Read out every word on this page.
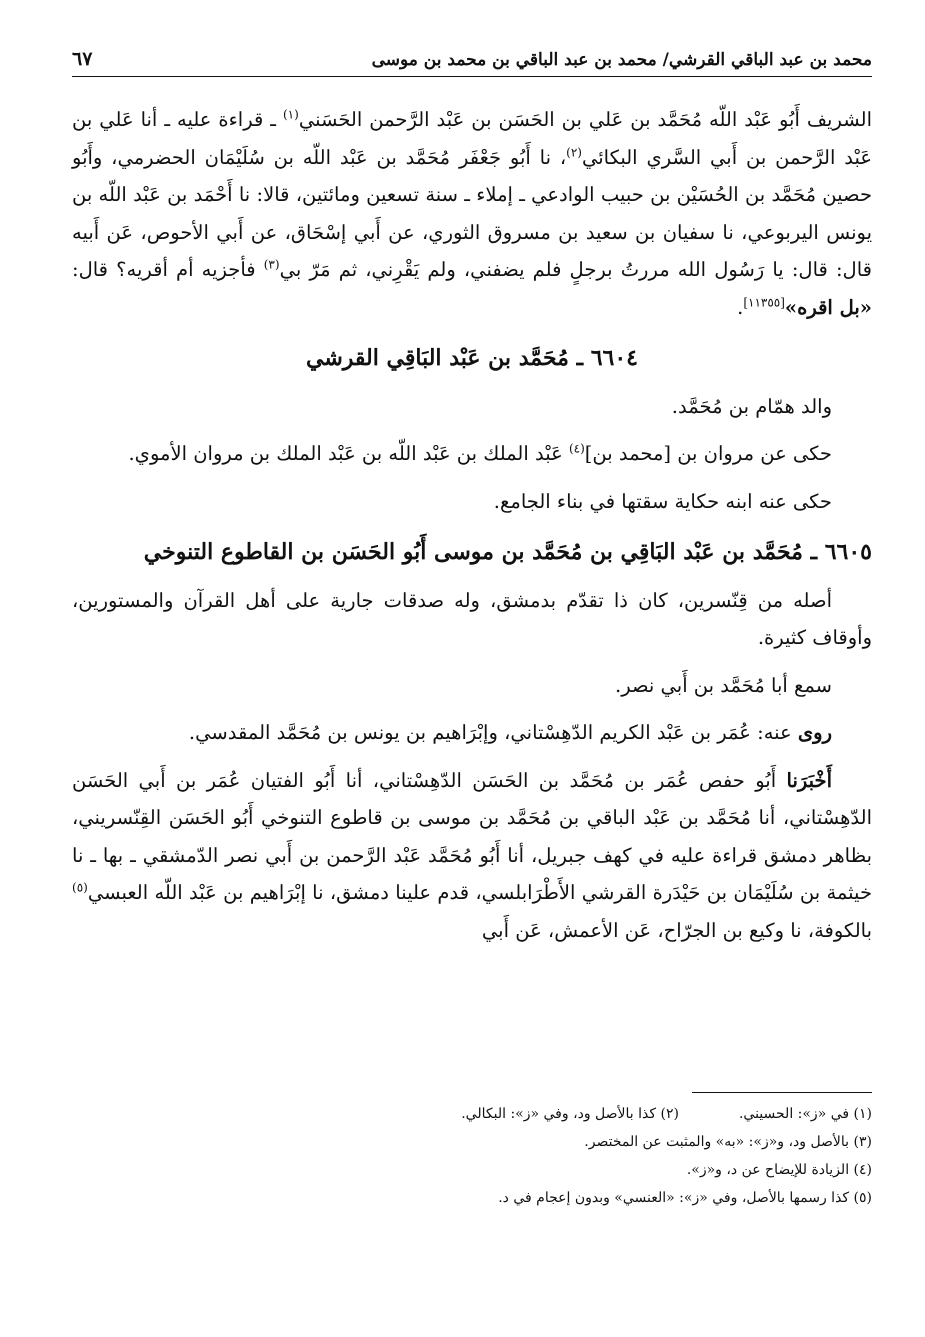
محمد بن عبد الباقي القرشي/ محمد بن عبد الباقي بن محمد بن موسى
٦٧

الشريف أَبُو عَبْد اللّه مُحَمَّد بن عَلي بن الحَسَن بن عَبْد الرَّحمن الحَسَني$^{(١)}$ ـ قراءة عليه ـ أنا عَلي بن عَبْد الرَّحمن بن أَبي السَّري البكائي$^{(٢)}$، نا أَبُو جَعْفَر مُحَمَّد بن عَبْد اللّه بن سُلَيْمَان الحضرمي، وأَبُو حصين مُحَمَّد بن الحُسَيْن بن حبيب الوادعي ـ إملاء ـ سنة تسعين ومائتين، قالا: نا أَحْمَد بن عَبْد اللّه بن يونس اليربوعي، نا سفيان بن سعيد بن مسروق الثوري، عن أَبي إسْحَاق، عن أَبي الأحوص، عَن أَبيه قال: قال: يا رَسُول الله مررتُ برجلٍ فلم يضفني، ولم يَقْرِني، ثم مَرّ بي$^{(٣)}$ فأجزيه أم أقريه؟ قال: «بل اقره»[١١٣٥٥].

٦٦٠٤ ـ مُحَمَّد بن عَبْد البَاقِي القرشي

والد همّام بن مُحَمَّد.

حكى عن مروان بن [محمد بن]$^{(٤)}$ عَبْد الملك بن عَبْد اللّه بن عَبْد الملك بن مروان الأموي.

حكى عنه ابنه حكاية سقتها في بناء الجامع.

٦٦٠٥ ـ مُحَمَّد بن عَبْد البَاقِي بن مُحَمَّد بن موسى أَبُو الحَسَن بن القاطوع التنوخي

أصله من قِنّسرين، كان ذا تقدّم بدمشق، وله صدقات جارية على أهل القرآن والمستورين، وأوقاف كثيرة.

سمع أبا مُحَمَّد بن أَبي نصر.

روى عنه: عُمَر بن عَبْد الكريم الدّهِسْتاني، وإبْرَاهيم بن يونس بن مُحَمَّد المقدسي.

أَخْبَرَنا أَبُو حفص عُمَر بن مُحَمَّد بن الحَسَن الدّهِسْتاني، أنا أَبُو الفتيان عُمَر بن أَبي الحَسَن الدّهِسْتاني، أنا مُحَمَّد بن عَبْد الباقي بن مُحَمَّد بن موسى بن قاطوع التنوخي أَبُو الحَسَن القِنّسريني، بظاهر دمشق قراءة عليه في كهف جبريل، أنا أَبُو مُحَمَّد عَبْد الرَّحمن بن أَبي نصر الدّمشقي ـ بها ـ نا خيثمة بن سُلَيْمَان بن حَيْدَرة القرشي الأَطْرَابلسي، قدم علينا دمشق، نا إبْرَاهيم بن عَبْد اللّه العبسي$^{(٥)}$ بالكوفة، نا وكيع بن الجرّاح، عَن الأعمش، عَن أَبي

(١) في «ز»: الحسيني.
(٢) كذا بالأصل ود، وفي «ز»: البكالي.
(٣) بالأصل ود، و«ز»: «به» والمثبت عن المختصر.
(٤) الزيادة للإيضاح عن د، و«ز».
(٥) كذا رسمها بالأصل، وفي «ز»: «العنسي» وبدون إعجام في د.
